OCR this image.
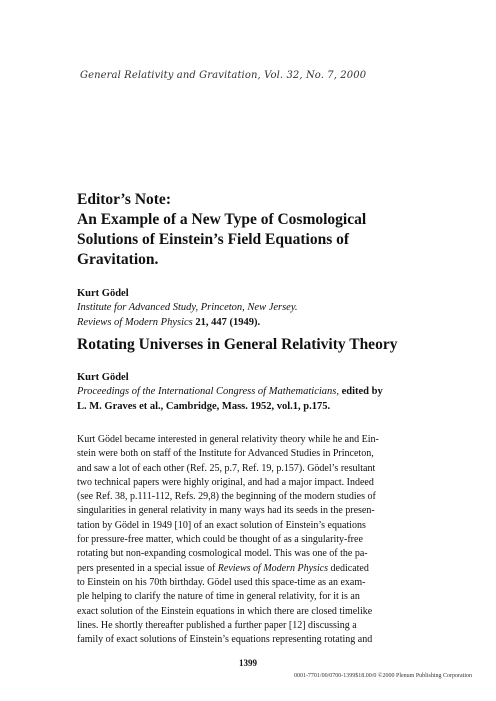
General Relativity and Gravitation, Vol. 32, No. 7, 2000
Editor’s Note:
An Example of a New Type of Cosmological
Solutions of Einstein’s Field Equations of
Gravitation.
Kurt Gödel
Institute for Advanced Study, Princeton, New Jersey.
Reviews of Modern Physics 21, 447 (1949).
Rotating Universes in General Relativity Theory
Kurt Gödel
Proceedings of the International Congress of Mathematicians, edited by
L. M. Graves et al., Cambridge, Mass. 1952, vol.1, p.175.
Kurt Gödel became interested in general relativity theory while he and Ein-
stein were both on staff of the Institute for Advanced Studies in Princeton,
and saw a lot of each other (Ref. 25, p.7, Ref. 19, p.157). Gödel’s resultant
two technical papers were highly original, and had a major impact. Indeed
(see Ref. 38, p.111-112, Refs. 29,8) the beginning of the modern studies of
singularities in general relativity in many ways had its seeds in the presen-
tation by Gödel in 1949 [10] of an exact solution of Einstein’s equations
for pressure-free matter, which could be thought of as a singularity-free
rotating but non-expanding cosmological model. This was one of the pa-
pers presented in a special issue of Reviews of Modern Physics dedicated
to Einstein on his 70th birthday. Gödel used this space-time as an exam-
ple helping to clarify the nature of time in general relativity, for it is an
exact solution of the Einstein equations in which there are closed timelike
lines. He shortly thereafter published a further paper [12] discussing a
family of exact solutions of Einstein’s equations representing rotating and
1399
0001-7701/00/0700-1399$18.00/0 ©2000 Plenum Publishing Corporation
